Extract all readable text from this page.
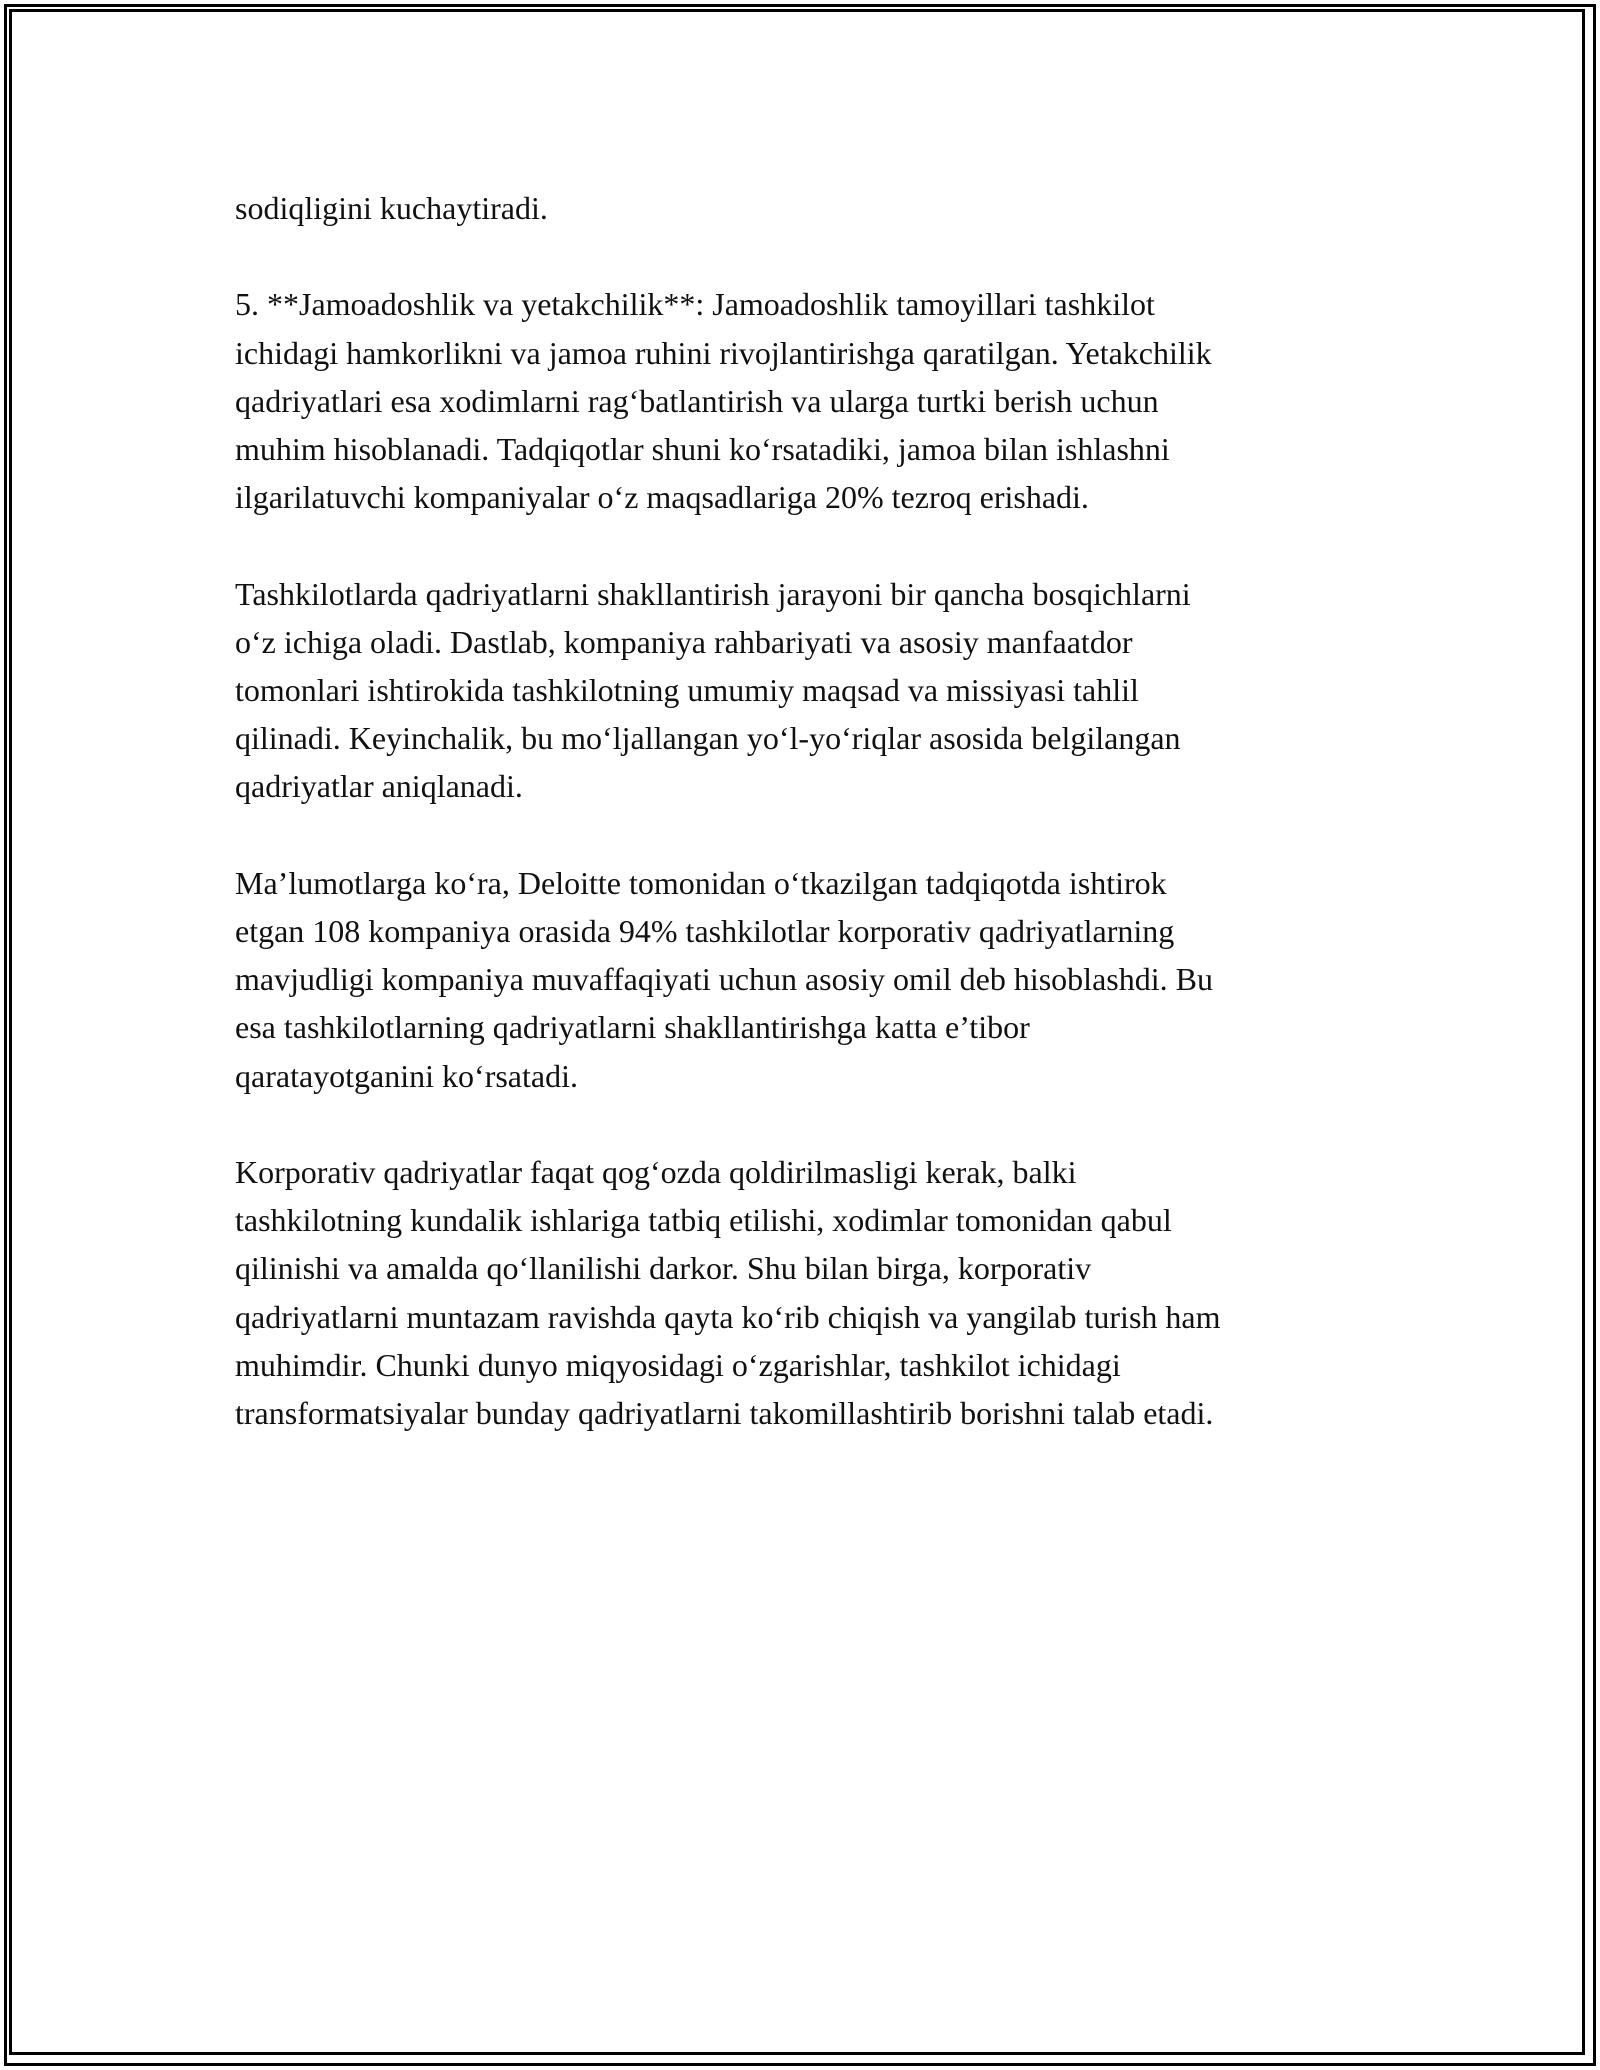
sodiqligini kuchaytiradi.

5. **Jamoadoshlik va yetakchilik**: Jamoadoshlik tamoyillari tashkilot
ichidagi hamkorlikni va jamoa ruhini rivojlantirishga qaratilgan. Yetakchilik
qadriyatlari esa xodimlarni rag‘batlantirish va ularga turtki berish uchun
muhim hisoblanadi. Tadqiqotlar shuni ko‘rsatadiki, jamoa bilan ishlashni
ilgarilatuvchi kompaniyalar o‘z maqsadlariga 20% tezroq erishadi.

Tashkilotlarda qadriyatlarni shakllantirish jarayoni bir qancha bosqichlarni
o‘z ichiga oladi. Dastlab, kompaniya rahbariyati va asosiy manfaatdor
tomonlari ishtirokida tashkilotning umumiy maqsad va missiyasi tahlil
qilinadi. Keyinchalik, bu mo‘ljallangan yo‘l-yo‘riqlar asosida belgilangan
qadriyatlar aniqlanadi.

Ma’lumotlarga ko‘ra, Deloitte tomonidan o‘tkazilgan tadqiqotda ishtirok
etgan 108 kompaniya orasida 94% tashkilotlar korporativ qadriyatlarning
mavjudligi kompaniya muvaffaqiyati uchun asosiy omil deb hisoblashdi. Bu
esa tashkilotlarning qadriyatlarni shakllantirishga katta e’tibor
qaratayotganini ko‘rsatadi.

Korporativ qadriyatlar faqat qog‘ozda qoldirilmasligi kerak, balki
tashkilotning kundalik ishlariga tatbiq etilishi, xodimlar tomonidan qabul
qilinishi va amalda qo‘llanilishi darkor. Shu bilan birga, korporativ
qadriyatlarni muntazam ravishda qayta ko‘rib chiqish va yangilab turish ham
muhimdir. Chunki dunyo miqyosidagi o‘zgarishlar, tashkilot ichidagi
transformatsiyalar bunday qadriyatlarni takomillashtirib borishni talab etadi.
